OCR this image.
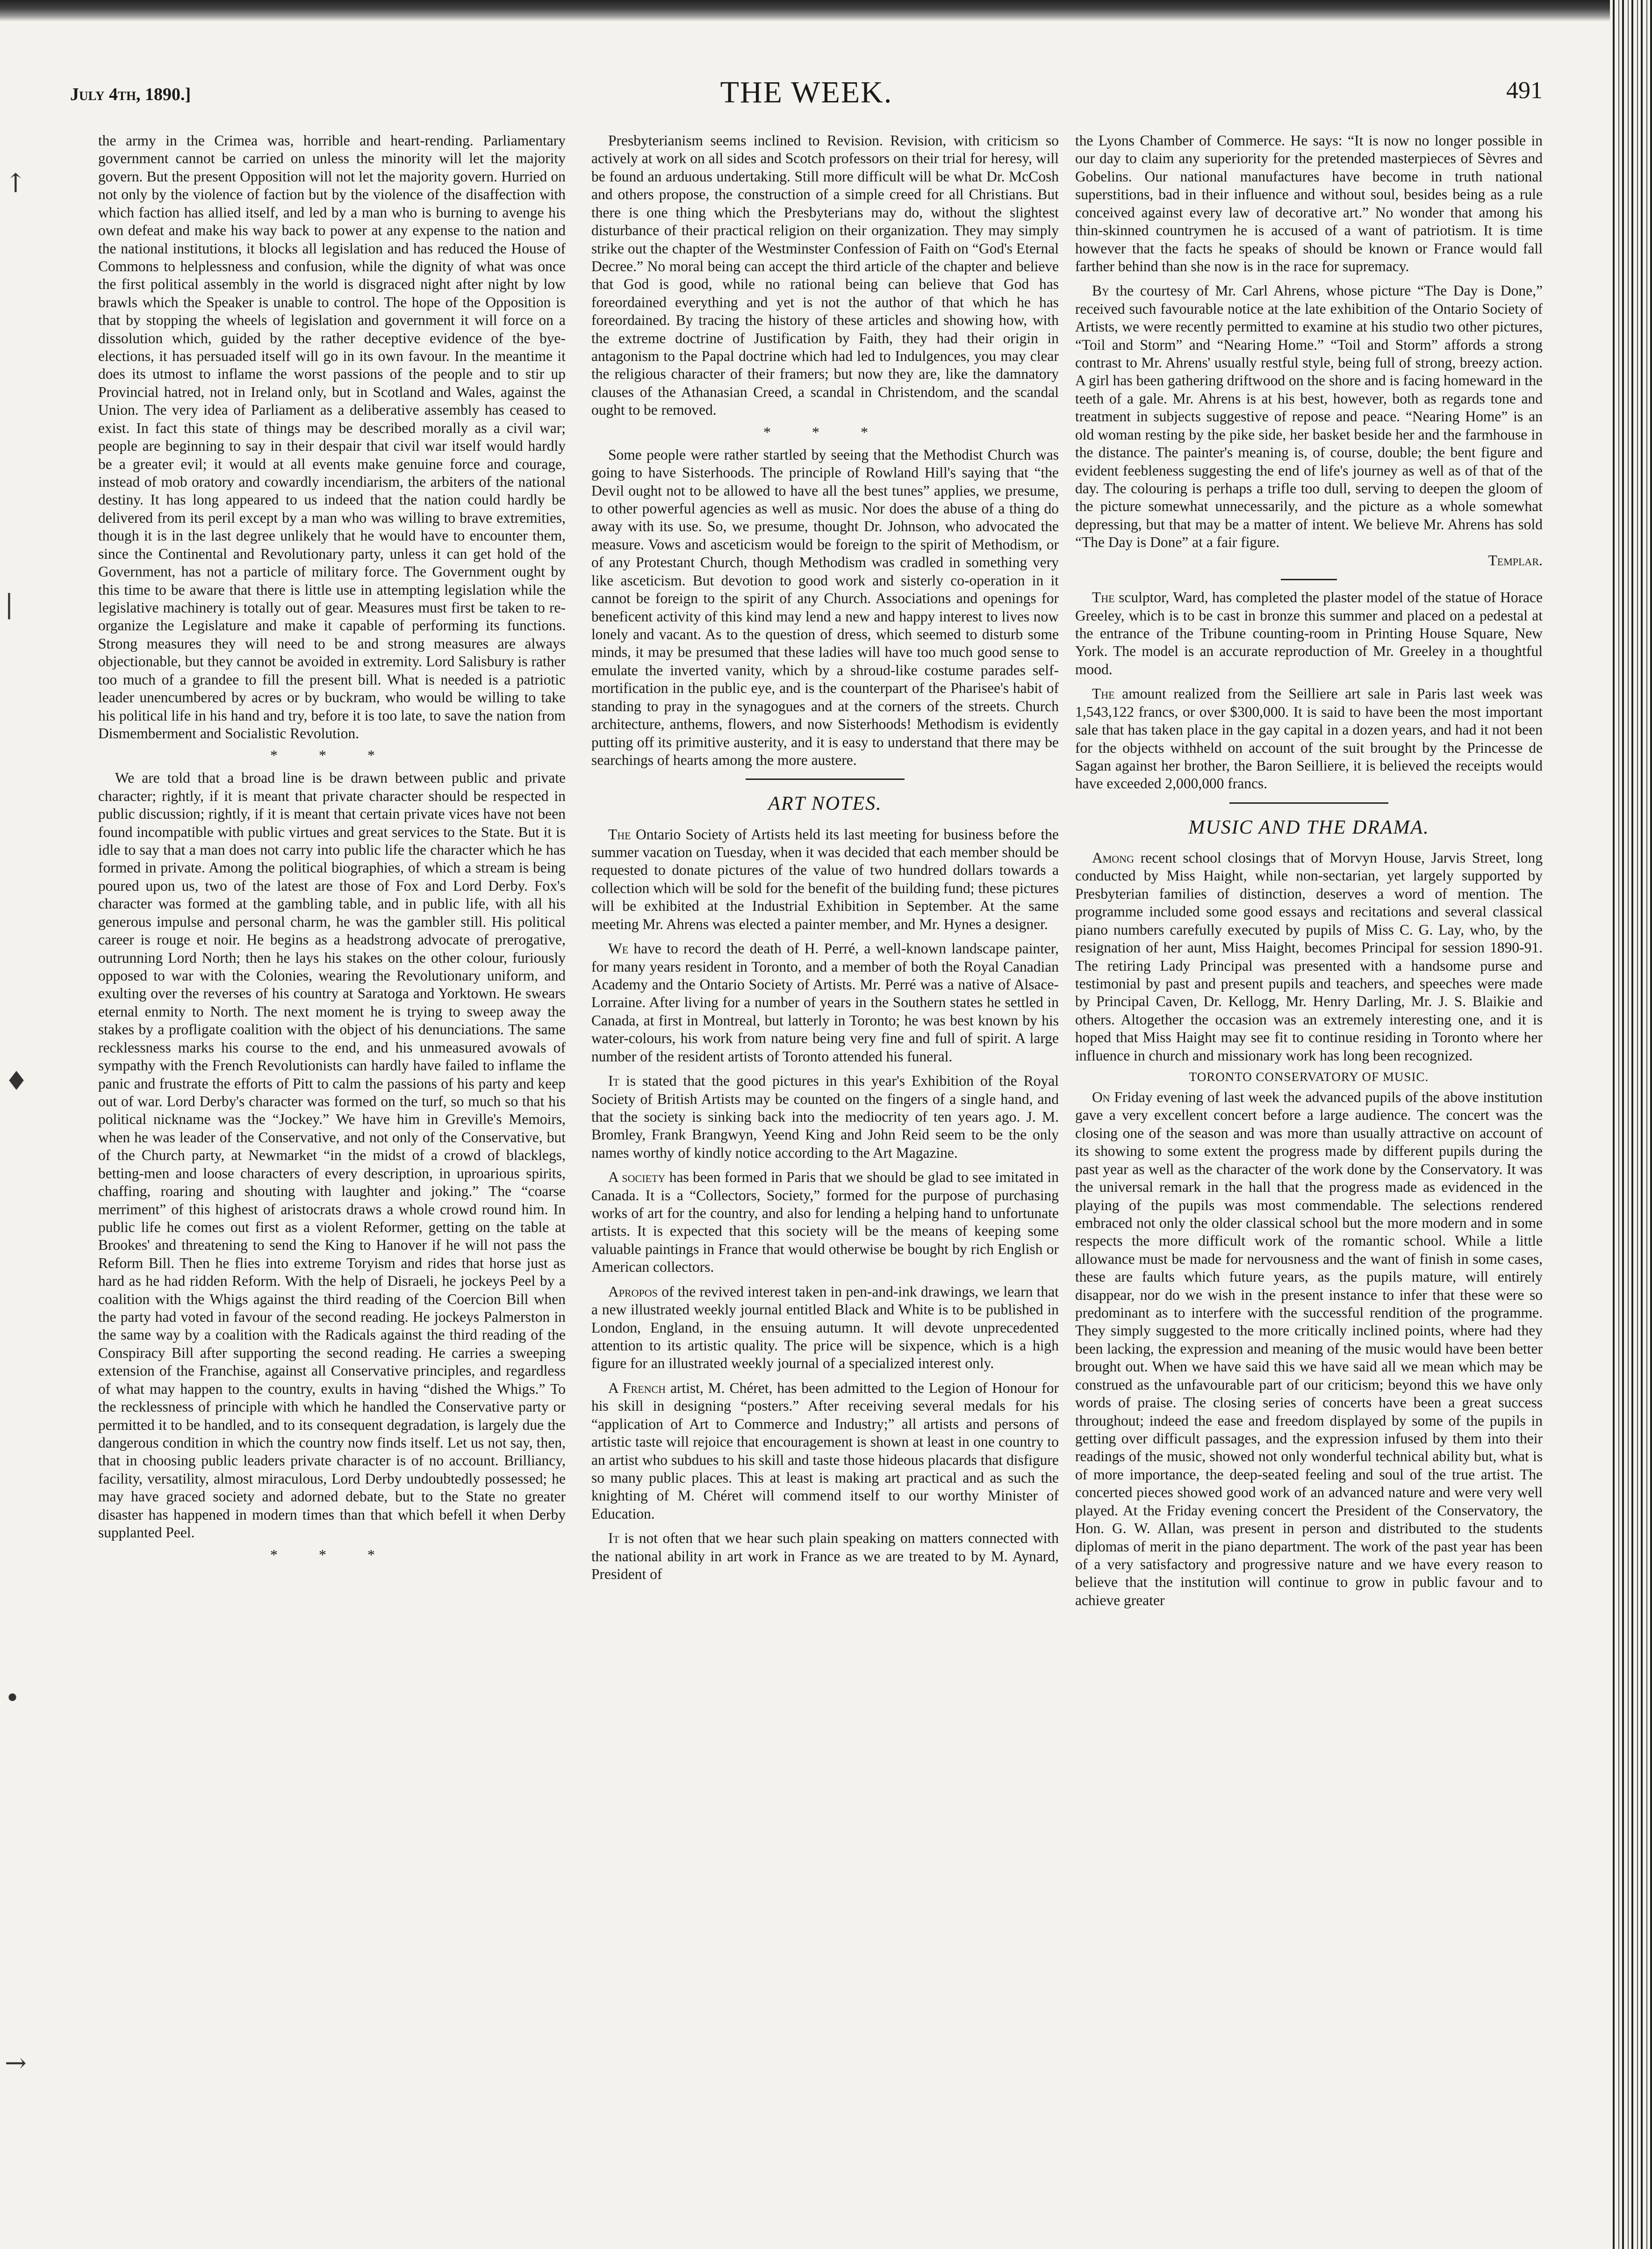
↑
|
♦
•
→
July 4th, 1890.]	THE WEEK.	491

the army in the Crimea was, horrible and heart-rending. Parliamentary government cannot be carried on unless the minority will let the majority govern. But the present Opposition will not let the majority govern. Hurried on not only by the violence of faction but by the violence of the disaffection with which faction has allied itself, and led by a man who is burning to avenge his own defeat and make his way back to power at any expense to the nation and the national institutions, it blocks all legislation and has reduced the House of Commons to helplessness and confusion, while the dignity of what was once the first political assembly in the world is disgraced night after night by low brawls which the Speaker is unable to control. The hope of the Opposition is that by stopping the wheels of legislation and government it will force on a dissolution which, guided by the rather deceptive evidence of the bye-elections, it has persuaded itself will go in its own favour. In the meantime it does its utmost to inflame the worst passions of the people and to stir up Provincial hatred, not in Ireland only, but in Scotland and Wales, against the Union. The very idea of Parliament as a deliberative assembly has ceased to exist. In fact this state of things may be described morally as a civil war; people are beginning to say in their despair that civil war itself would hardly be a greater evil; it would at all events make genuine force and courage, instead of mob oratory and cowardly incendiarism, the arbiters of the national destiny. It has long appeared to us indeed that the nation could hardly be delivered from its peril except by a man who was willing to brave extremities, though it is in the last degree unlikely that he would have to encounter them, since the Continental and Revolutionary party, unless it can get hold of the Government, has not a particle of military force. The Government ought by this time to be aware that there is little use in attempting legislation while the legislative machinery is totally out of gear. Measures must first be taken to re-organize the Legislature and make it capable of performing its functions. Strong measures they will need to be and strong measures are always objectionable, but they cannot be avoided in extremity. Lord Salisbury is rather too much of a grandee to fill the present bill. What is needed is a patriotic leader unencumbered by acres or by buckram, who would be willing to take his political life in his hand and try, before it is too late, to save the nation from Dismemberment and Socialistic Revolution.

* * *

We are told that a broad line is be drawn between public and private character; rightly, if it is meant that private character should be respected in public discussion; rightly, if it is meant that certain private vices have not been found incompatible with public virtues and great services to the State. But it is idle to say that a man does not carry into public life the character which he has formed in private. Among the political biographies, of which a stream is being poured upon us, two of the latest are those of Fox and Lord Derby. Fox's character was formed at the gambling table, and in public life, with all his generous impulse and personal charm, he was the gambler still. His political career is rouge et noir. He begins as a headstrong advocate of prerogative, outrunning Lord North; then he lays his stakes on the other colour, furiously opposed to war with the Colonies, wearing the Revolutionary uniform, and exulting over the reverses of his country at Saratoga and Yorktown. He swears eternal enmity to North. The next moment he is trying to sweep away the stakes by a profligate coalition with the object of his denunciations. The same recklessness marks his course to the end, and his unmeasured avowals of sympathy with the French Revolutionists can hardly have failed to inflame the panic and frustrate the efforts of Pitt to calm the passions of his party and keep out of war. Lord Derby's character was formed on the turf, so much so that his political nickname was the “Jockey.” We have him in Greville's Memoirs, when he was leader of the Conservative, and not only of the Conservative, but of the Church party, at Newmarket “in the midst of a crowd of blacklegs, betting-men and loose characters of every description, in uproarious spirits, chaffing, roaring and shouting with laughter and joking.” The “coarse merriment” of this highest of aristocrats draws a whole crowd round him. In public life he comes out first as a violent Reformer, getting on the table at Brookes' and threatening to send the King to Hanover if he will not pass the Reform Bill. Then he flies into extreme Toryism and rides that horse just as hard as he had ridden Reform. With the help of Disraeli, he jockeys Peel by a coalition with the Whigs against the third reading of the Coercion Bill when the party had voted in favour of the second reading. He jockeys Palmerston in the same way by a coalition with the Radicals against the third reading of the Conspiracy Bill after supporting the second reading. He carries a sweeping extension of the Franchise, against all Conservative principles, and regardless of what may happen to the country, exults in having “dished the Whigs.” To the recklessness of principle with which he handled the Conservative party or permitted it to be handled, and to its consequent degradation, is largely due the dangerous condition in which the country now finds itself. Let us not say, then, that in choosing public leaders private character is of no account. Brilliancy, facility, versatility, almost miraculous, Lord Derby undoubtedly possessed; he may have graced society and adorned debate, but to the State no greater disaster has happened in modern times than that which befell it when Derby supplanted Peel.

* * *

Presbyterianism seems inclined to Revision. Revision, with criticism so actively at work on all sides and Scotch professors on their trial for heresy, will be found an arduous undertaking. Still more difficult will be what Dr. McCosh and others propose, the construction of a simple creed for all Christians. But there is one thing which the Presbyterians may do, without the slightest disturbance of their practical religion on their organization. They may simply strike out the chapter of the Westminster Confession of Faith on “God's Eternal Decree.” No moral being can accept the third article of the chapter and believe that God is good, while no rational being can believe that God has foreordained everything and yet is not the author of that which he has foreordained. By tracing the history of these articles and showing how, with the extreme doctrine of Justification by Faith, they had their origin in antagonism to the Papal doctrine which had led to Indulgences, you may clear the religious character of their framers; but now they are, like the damnatory clauses of the Athanasian Creed, a scandal in Christendom, and the scandal ought to be removed.

* * *

Some people were rather startled by seeing that the Methodist Church was going to have Sisterhoods. The principle of Rowland Hill's saying that “the Devil ought not to be allowed to have all the best tunes” applies, we presume, to other powerful agencies as well as music. Nor does the abuse of a thing do away with its use. So, we presume, thought Dr. Johnson, who advocated the measure. Vows and asceticism would be foreign to the spirit of Methodism, or of any Protestant Church, though Methodism was cradled in something very like asceticism. But devotion to good work and sisterly co-operation in it cannot be foreign to the spirit of any Church. Associations and openings for beneficent activity of this kind may lend a new and happy interest to lives now lonely and vacant. As to the question of dress, which seemed to disturb some minds, it may be presumed that these ladies will have too much good sense to emulate the inverted vanity, which by a shroud-like costume parades self-mortification in the public eye, and is the counterpart of the Pharisee's habit of standing to pray in the synagogues and at the corners of the streets. Church architecture, anthems, flowers, and now Sisterhoods! Methodism is evidently putting off its primitive austerity, and it is easy to understand that there may be searchings of hearts among the more austere.

ART NOTES.

The Ontario Society of Artists held its last meeting for business before the summer vacation on Tuesday, when it was decided that each member should be requested to donate pictures of the value of two hundred dollars towards a collection which will be sold for the benefit of the building fund; these pictures will be exhibited at the Industrial Exhibition in September. At the same meeting Mr. Ahrens was elected a painter member, and Mr. Hynes a designer.

We have to record the death of H. Perré, a well-known landscape painter, for many years resident in Toronto, and a member of both the Royal Canadian Academy and the Ontario Society of Artists. Mr. Perré was a native of Alsace-Lorraine. After living for a number of years in the Southern states he settled in Canada, at first in Montreal, but latterly in Toronto; he was best known by his water-colours, his work from nature being very fine and full of spirit. A large number of the resident artists of Toronto attended his funeral.

It is stated that the good pictures in this year's Exhibition of the Royal Society of British Artists may be counted on the fingers of a single hand, and that the society is sinking back into the mediocrity of ten years ago. J. M. Bromley, Frank Brangwyn, Yeend King and John Reid seem to be the only names worthy of kindly notice according to the Art Magazine.

A society has been formed in Paris that we should be glad to see imitated in Canada. It is a “Collectors, Society,” formed for the purpose of purchasing works of art for the country, and also for lending a helping hand to unfortunate artists. It is expected that this society will be the means of keeping some valuable paintings in France that would otherwise be bought by rich English or American collectors.

Apropos of the revived interest taken in pen-and-ink drawings, we learn that a new illustrated weekly journal entitled Black and White is to be published in London, England, in the ensuing autumn. It will devote unprecedented attention to its artistic quality. The price will be sixpence, which is a high figure for an illustrated weekly journal of a specialized interest only.

A French artist, M. Chéret, has been admitted to the Legion of Honour for his skill in designing “posters.” After receiving several medals for his “application of Art to Commerce and Industry;” all artists and persons of artistic taste will rejoice that encouragement is shown at least in one country to an artist who subdues to his skill and taste those hideous placards that disfigure so many public places. This at least is making art practical and as such the knighting of M. Chéret will commend itself to our worthy Minister of Education.

It is not often that we hear such plain speaking on matters connected with the national ability in art work in France as we are treated to by M. Aynard, President of

the Lyons Chamber of Commerce. He says: “It is now no longer possible in our day to claim any superiority for the pretended masterpieces of Sèvres and Gobelins. Our national manufactures have become in truth national superstitions, bad in their influence and without soul, besides being as a rule conceived against every law of decorative art.” No wonder that among his thin-skinned countrymen he is accused of a want of patriotism. It is time however that the facts he speaks of should be known or France would fall farther behind than she now is in the race for supremacy.

By the courtesy of Mr. Carl Ahrens, whose picture “The Day is Done,” received such favourable notice at the late exhibition of the Ontario Society of Artists, we were recently permitted to examine at his studio two other pictures, “Toil and Storm” and “Nearing Home.” “Toil and Storm” affords a strong contrast to Mr. Ahrens' usually restful style, being full of strong, breezy action. A girl has been gathering driftwood on the shore and is facing homeward in the teeth of a gale. Mr. Ahrens is at his best, however, both as regards tone and treatment in subjects suggestive of repose and peace. “Nearing Home” is an old woman resting by the pike side, her basket beside her and the farmhouse in the distance. The painter's meaning is, of course, double; the bent figure and evident feebleness suggesting the end of life's journey as well as of that of the day. The colouring is perhaps a trifle too dull, serving to deepen the gloom of the picture somewhat unnecessarily, and the picture as a whole somewhat depressing, but that may be a matter of intent. We believe Mr. Ahrens has sold “The Day is Done” at a fair figure.
Templar.

The sculptor, Ward, has completed the plaster model of the statue of Horace Greeley, which is to be cast in bronze this summer and placed on a pedestal at the entrance of the Tribune counting-room in Printing House Square, New York. The model is an accurate reproduction of Mr. Greeley in a thoughtful mood.

The amount realized from the Seilliere art sale in Paris last week was 1,543,122 francs, or over $300,000. It is said to have been the most important sale that has taken place in the gay capital in a dozen years, and had it not been for the objects withheld on account of the suit brought by the Princesse de Sagan against her brother, the Baron Seilliere, it is believed the receipts would have exceeded 2,000,000 francs.

MUSIC AND THE DRAMA.

Among recent school closings that of Morvyn House, Jarvis Street, long conducted by Miss Haight, while non-sectarian, yet largely supported by Presbyterian families of distinction, deserves a word of mention. The programme included some good essays and recitations and several classical piano numbers carefully executed by pupils of Miss C. G. Lay, who, by the resignation of her aunt, Miss Haight, becomes Principal for session 1890-91. The retiring Lady Principal was presented with a handsome purse and testimonial by past and present pupils and teachers, and speeches were made by Principal Caven, Dr. Kellogg, Mr. Henry Darling, Mr. J. S. Blaikie and others. Altogether the occasion was an extremely interesting one, and it is hoped that Miss Haight may see fit to continue residing in Toronto where her influence in church and missionary work has long been recognized.

TORONTO CONSERVATORY OF MUSIC.

On Friday evening of last week the advanced pupils of the above institution gave a very excellent concert before a large audience. The concert was the closing one of the season and was more than usually attractive on account of its showing to some extent the progress made by different pupils during the past year as well as the character of the work done by the Conservatory. It was the universal remark in the hall that the progress made as evidenced in the playing of the pupils was most commendable. The selections rendered embraced not only the older classical school but the more modern and in some respects the more difficult work of the romantic school. While a little allowance must be made for nervousness and the want of finish in some cases, these are faults which future years, as the pupils mature, will entirely disappear, nor do we wish in the present instance to infer that these were so predominant as to interfere with the successful rendition of the programme. They simply suggested to the more critically inclined points, where had they been lacking, the expression and meaning of the music would have been better brought out. When we have said this we have said all we mean which may be construed as the unfavourable part of our criticism; beyond this we have only words of praise. The closing series of concerts have been a great success throughout; indeed the ease and freedom displayed by some of the pupils in getting over difficult passages, and the expression infused by them into their readings of the music, showed not only wonderful technical ability but, what is of more importance, the deep-seated feeling and soul of the true artist. The concerted pieces showed good work of an advanced nature and were very well played. At the Friday evening concert the President of the Conservatory, the Hon. G. W. Allan, was present in person and distributed to the students diplomas of merit in the piano department. The work of the past year has been of a very satisfactory and progressive nature and we have every reason to believe that the institution will continue to grow in public favour and to achieve greater
